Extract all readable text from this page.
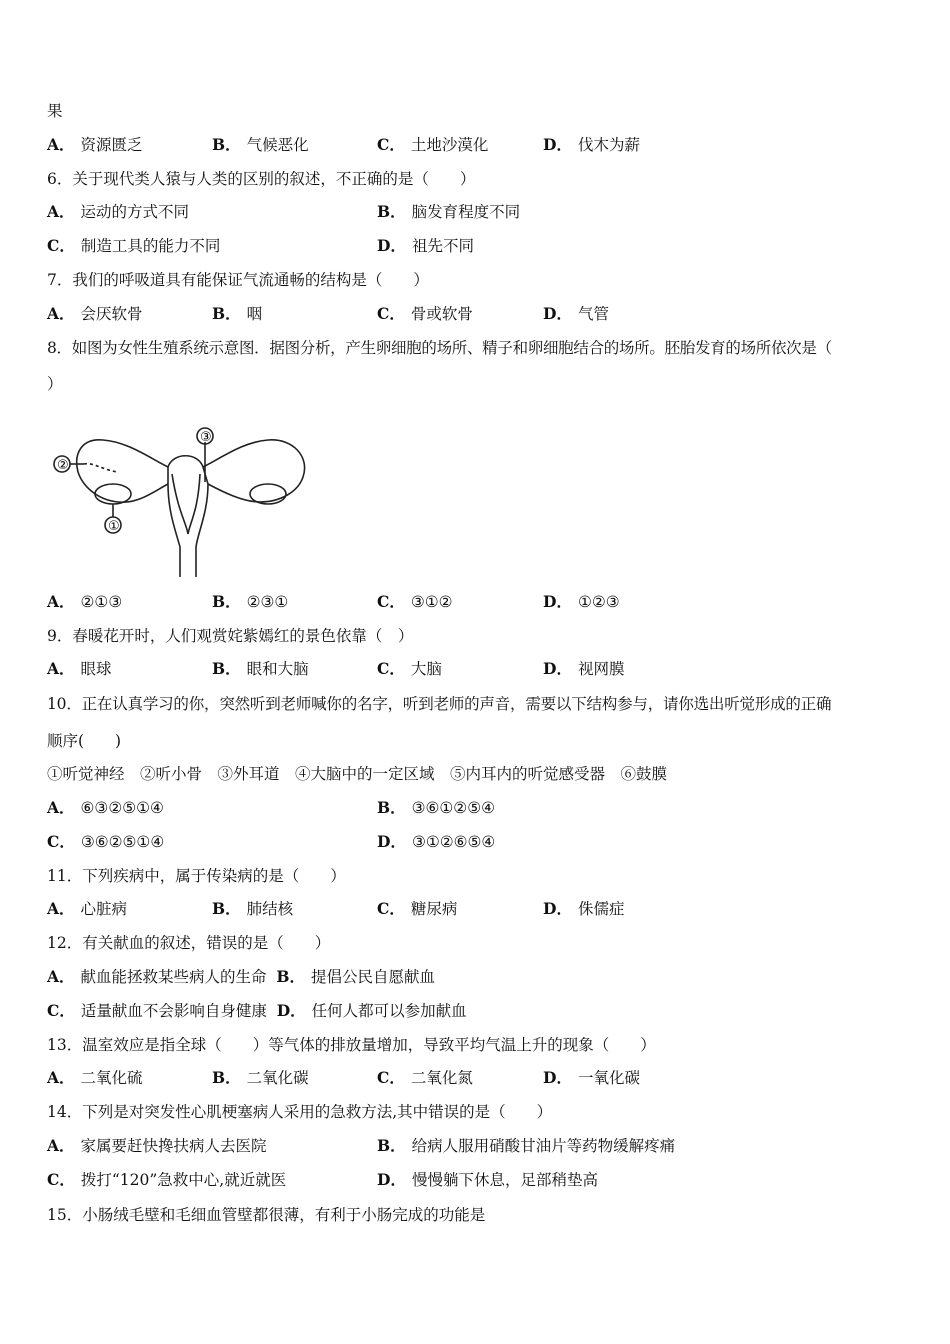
果
A． 资源匮乏	B． 气候恶化	C． 土地沙漠化	D． 伐木为薪
6．关于现代类人猿与人类的区别的叙述，不正确的是（　　）
A． 运动的方式不同	B． 脑发育程度不同
C． 制造工具的能力不同	D． 祖先不同
7．我们的呼吸道具有能保证气流通畅的结构是（　　）
A． 会厌软骨	B． 咽	C． 骨或软骨	D． 气管
8．如图为女性生殖系统示意图．据图分析，产生卵细胞的场所、精子和卵细胞结合的场所。胚胎发育的场所依次是（
）
②
③
①
A． ②①③	B． ②③①	C． ③①②	D． ①②③
9．春暖花开时，人们观赏姹紫嫣红的景色依靠（　）
A． 眼球	B． 眼和大脑	C． 大脑	D． 视网膜
10．正在认真学习的你，突然听到老师喊你的名字，听到老师的声音，需要以下结构参与，请你选出听觉形成的正确
顺序(　　)
①听觉神经　②听小骨　③外耳道　④大脑中的一定区域　⑤内耳内的听觉感受器　⑥鼓膜
A． ⑥③②⑤①④	B． ③⑥①②⑤④
C． ③⑥②⑤①④	D． ③①②⑥⑤④
11．下列疾病中，属于传染病的是（　　）
A． 心脏病	B． 肺结核	C． 糖尿病	D． 侏儒症
12．有关献血的叙述，错误的是（　　）
A． 献血能拯救某些病人的生命 B． 提倡公民自愿献血
C． 适量献血不会影响自身健康 D． 任何人都可以参加献血
13．温室效应是指全球（　　）等气体的排放量增加，导致平均气温上升的现象（　　）
A． 二氧化硫	B． 二氧化碳	C． 二氧化氮	D． 一氧化碳
14．下列是对突发性心肌梗塞病人采用的急救方法,其中错误的是（　　）
A． 家属要赶快搀扶病人去医院	B． 给病人服用硝酸甘油片等药物缓解疼痛
C． 拨打“120”急救中心,就近就医	D． 慢慢躺下休息，足部稍垫高
15．小肠绒毛壁和毛细血管壁都很薄，有利于小肠完成的功能是
